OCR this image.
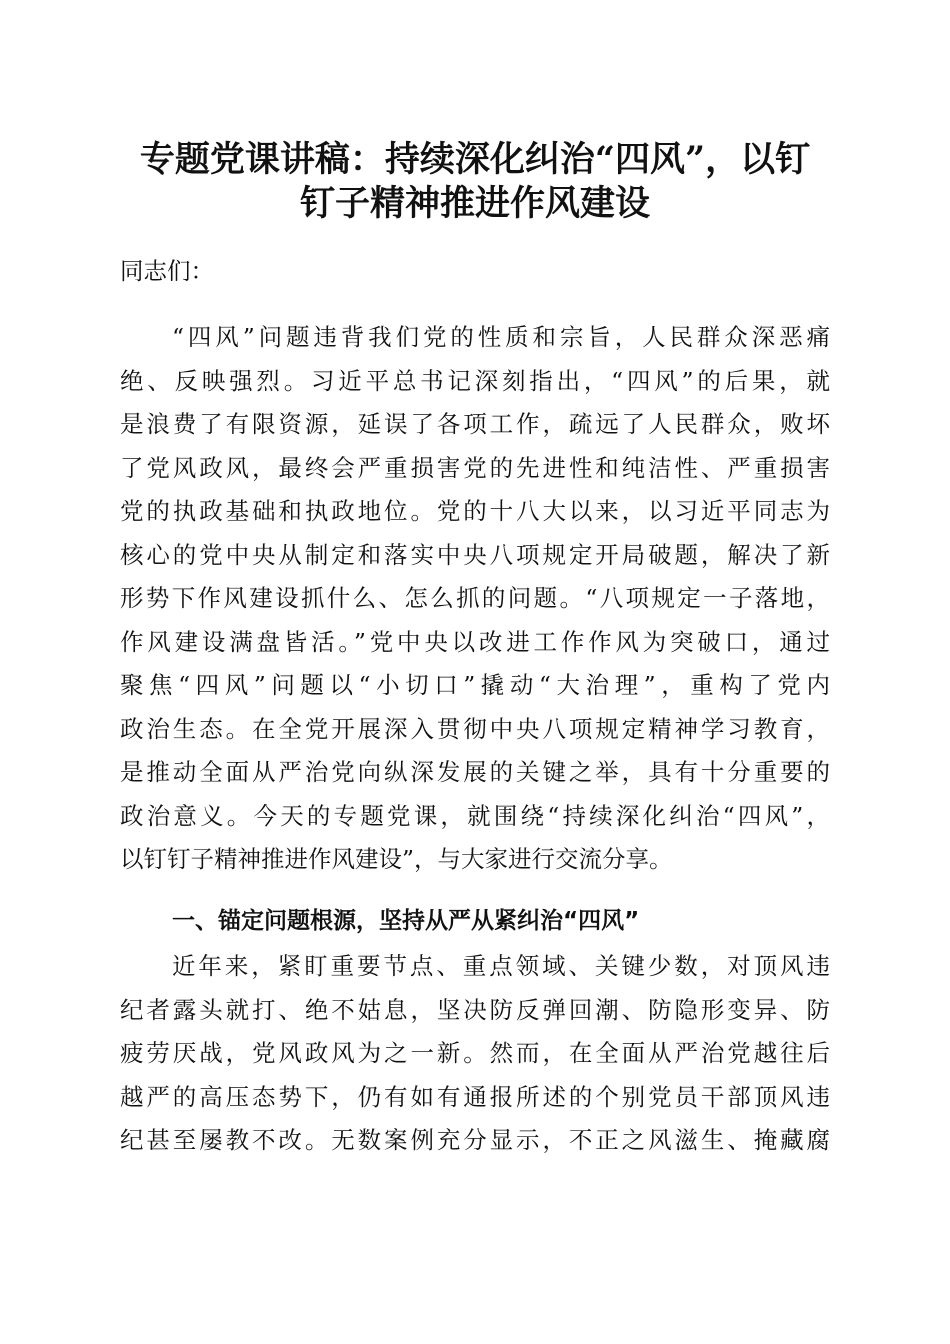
专题党课讲稿：持续深化纠治“四风”，以钉
钉子精神推进作风建设

同志们：

“四风”问题违背我们党的性质和宗旨，人民群众深恶痛
绝、反映强烈。习近平总书记深刻指出，“四风”的后果，就
是浪费了有限资源，延误了各项工作，疏远了人民群众，败坏
了党风政风，最终会严重损害党的先进性和纯洁性、严重损害
党的执政基础和执政地位。党的十八大以来，以习近平同志为
核心的党中央从制定和落实中央八项规定开局破题，解决了新
形势下作风建设抓什么、怎么抓的问题。“八项规定一子落地，
作风建设满盘皆活。”党中央以改进工作作风为突破口，通过
聚焦“四风”问题以“小切口”撬动“大治理”，重构了党内
政治生态。在全党开展深入贯彻中央八项规定精神学习教育，
是推动全面从严治党向纵深发展的关键之举，具有十分重要的
政治意义。今天的专题党课，就围绕“持续深化纠治“四风”，
以钉钉子精神推进作风建设”，与大家进行交流分享。
一、锚定问题根源，坚持从严从紧纠治“四风”
近年来，紧盯重要节点、重点领域、关键少数，对顶风违
纪者露头就打、绝不姑息，坚决防反弹回潮、防隐形变异、防
疲劳厌战，党风政风为之一新。然而，在全面从严治党越往后
越严的高压态势下，仍有如有通报所述的个别党员干部顶风违
纪甚至屡教不改。无数案例充分显示，不正之风滋生、掩藏腐
